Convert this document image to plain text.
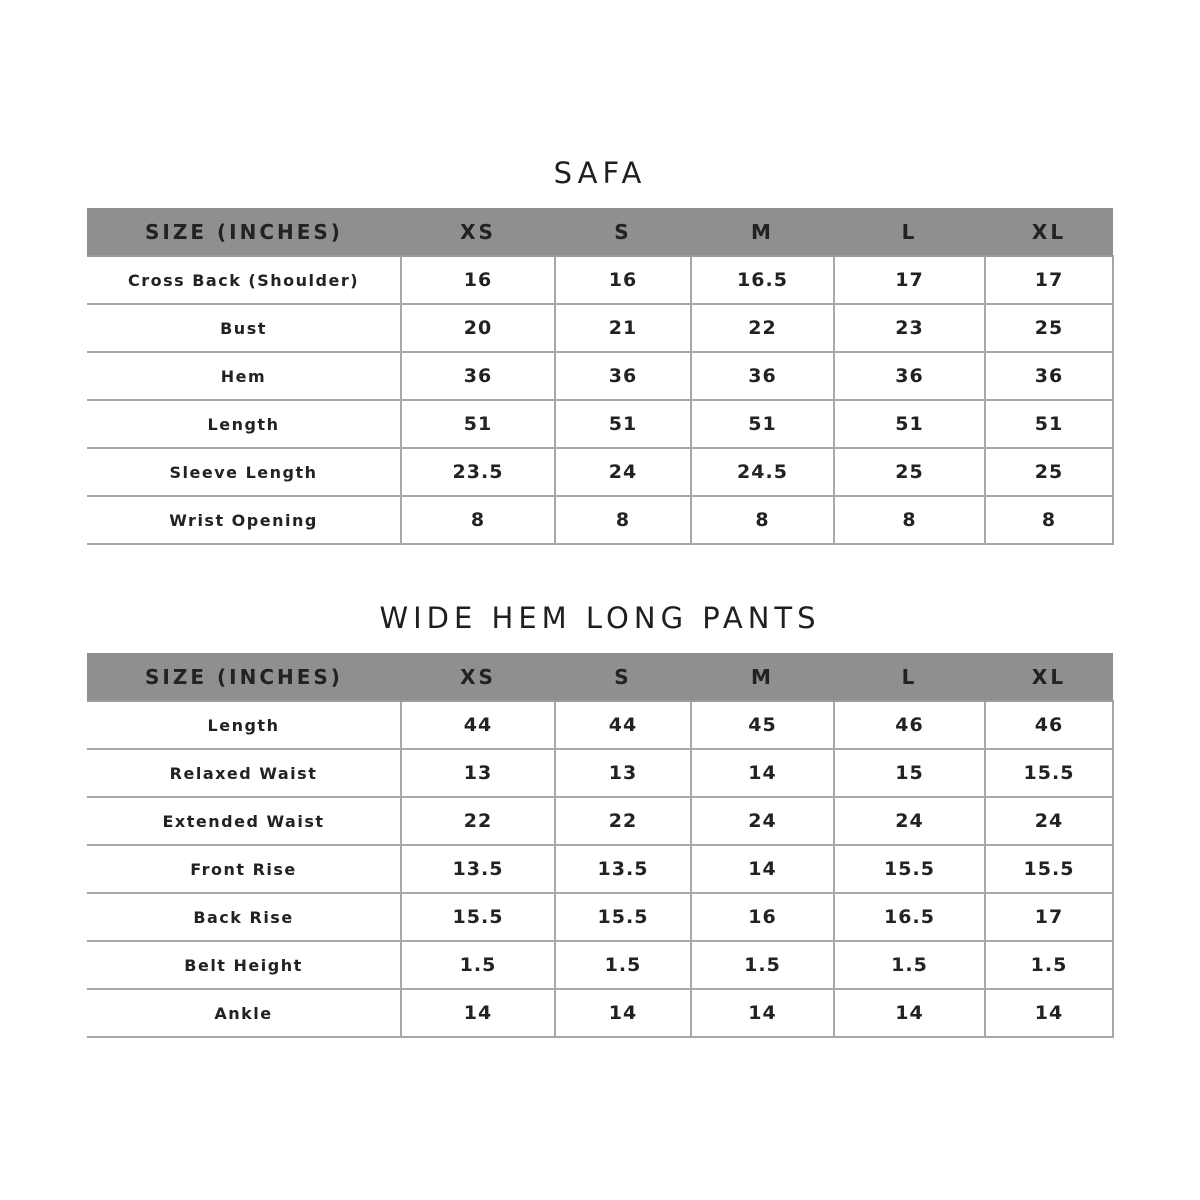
SAFA
SIZE (INCHES)	XS	S	M	L	XL
Cross Back (Shoulder)	16	16	16.5	17	17
Bust	20	21	22	23	25
Hem	36	36	36	36	36
Length	51	51	51	51	51
Sleeve Length	23.5	24	24.5	25	25
Wrist Opening	8	8	8	8	8
WIDE HEM LONG PANTS
SIZE (INCHES)	XS	S	M	L	XL
Length	44	44	45	46	46
Relaxed Waist	13	13	14	15	15.5
Extended Waist	22	22	24	24	24
Front Rise	13.5	13.5	14	15.5	15.5
Back Rise	15.5	15.5	16	16.5	17
Belt Height	1.5	1.5	1.5	1.5	1.5
Ankle	14	14	14	14	14
